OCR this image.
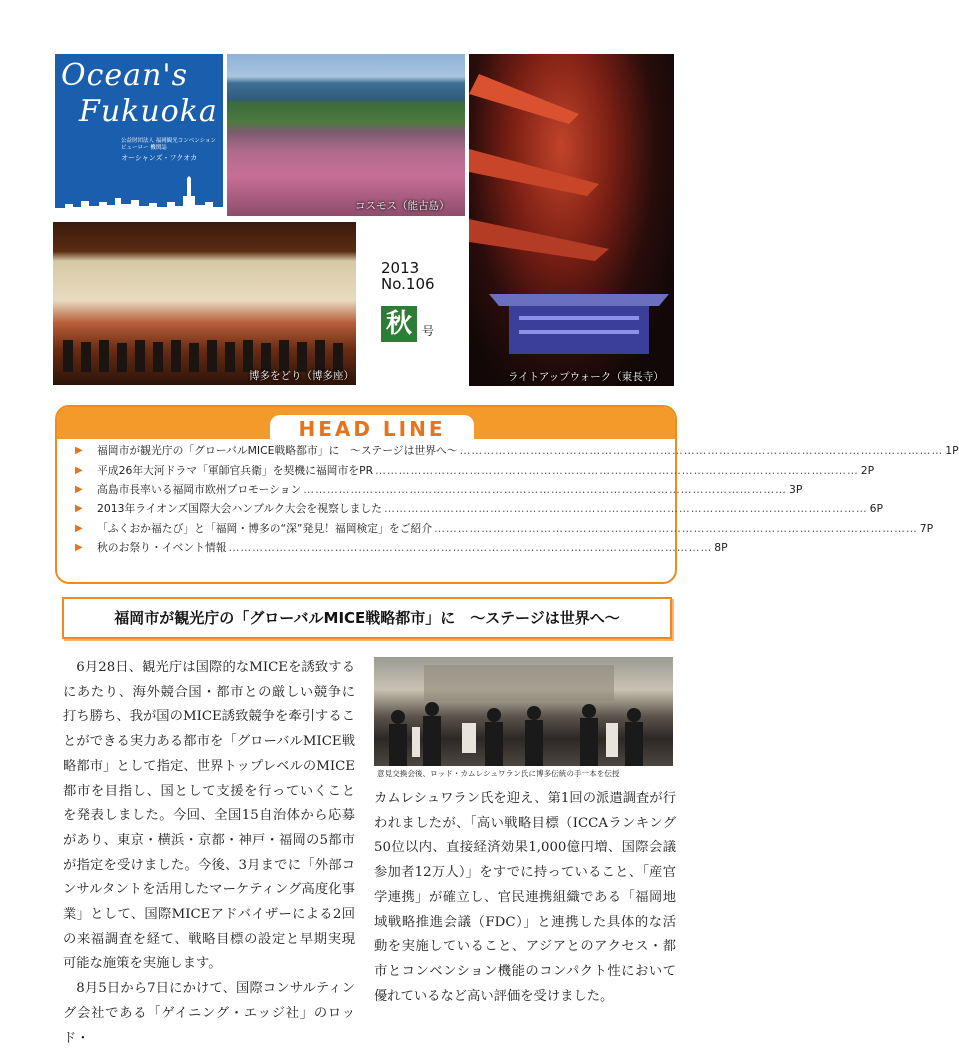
Ocean's
Fukuoka
公益財団法人 福岡観光コンベンションビューロー 機関誌
オーシャンズ・フクオカ
コスモス（能古島）
ライトアップウォーク（東長寺）
博多をどり（博多座）
2013
No.106
秋 号
HEAD LINE
▶	福岡市が観光庁の「グローバルMICE戦略都市」に　～ステージは世界へ～ …………………………………………………………………………………………………………… 1P
▶	平成26年大河ドラマ「軍師官兵衛」を契機に福岡市をPR …………………………………………………………………………………………………………… 2P
▶	高島市長率いる福岡市欧州プロモーション …………………………………………………………………………………………………………… 3P
▶	2013年ライオンズ国際大会ハンブルク大会を視察しました …………………………………………………………………………………………………………… 6P
▶	「ふくおか福たび」と「福岡・博多の“深”発見！福岡検定」をご紹介 …………………………………………………………………………………………………………… 7P
▶	秋のお祭り・イベント情報 …………………………………………………………………………………………………………… 8P
福岡市が観光庁の「グローバルMICE戦略都市」に　～ステージは世界へ～

6月28日、観光庁は国際的なMICEを誘致するにあたり、海外競合国・都市との厳しい競争に打ち勝ち、我が国のMICE誘致競争を牽引することができる実力ある都市を「グローバルMICE戦略都市」として指定、世界トップレベルのMICE都市を目指し、国として支援を行っていくことを発表しました。今回、全国15自治体から応募があり、東京・横浜・京都・神戸・福岡の5都市が指定を受けました。今後、3月までに「外部コンサルタントを活用したマーケティング高度化事業」として、国際MICEアドバイザーによる2回の来福調査を経て、戦略目標の設定と早期実現可能な施策を実施します。

8月5日から7日にかけて、国際コンサルティング会社である「ゲイニング・エッジ社」のロッド・

意見交換会後、ロッド・カムレシュワラン氏に博多伝統の手一本を伝授

カムレシュワラン氏を迎え、第1回の派遣調査が行われましたが、「高い戦略目標（ICCAランキング50位以内、直接経済効果1,000億円増、国際会議参加者12万人）」をすでに持っていること、「産官学連携」が確立し、官民連携組織である「福岡地域戦略推進会議（FDC）」と連携した具体的な活動を実施していること、アジアとのアクセス・都市とコンベンション機能のコンパクト性において優れているなど高い評価を受けました。
